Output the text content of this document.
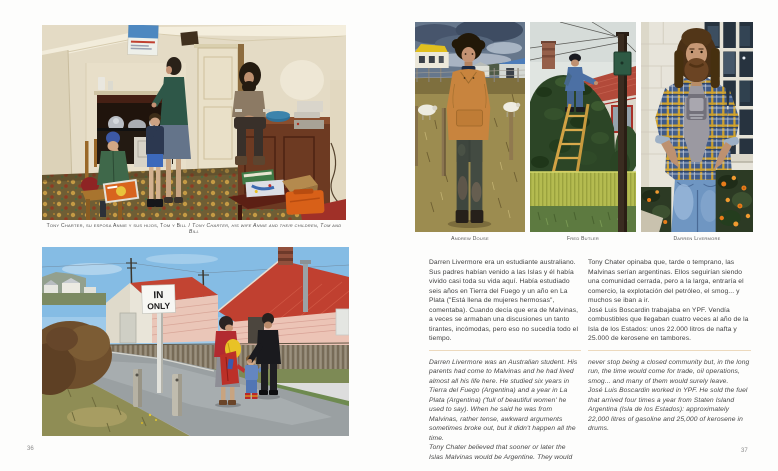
Tony Charter, su esposa Annie y sus hijos, Tom y Bill / Tony Charter, his wife Annie and their children, Tom and Bill
IN
ONLY
36
Andrew Douse	Fred Butler	Darren Livermore

Darren Livermore era un estudiante australiano. Sus padres habían venido a las Islas y él había vivido casi toda su vida aquí. Había estudiado seis años en Tierra del Fuego y un año en La Plata ("Está llena de mujeres hermosas", comentaba). Cuando decía que era de Malvinas, a veces se armaban una discusiones un tanto tirantes, incómodas, pero eso no sucedía todo el tiempo.

Darren Livermore was an Australian student. His parents had come to Malvinas and he had lived almost all his life here. He studied six years in Tierra del Fuego (Argentina) and a year in La Plata (Argentina) ('full of beautiful women' he used to say). When he said he was from Malvinas, rather tense, awkward arguments sometimes broke out, but it didn't happen all the time.

Tony Chater believed that sooner or later the Islas Malvinas would be Argentine. They would

Tony Chater opinaba que, tarde o temprano, las Malvinas serían argentinas. Ellos seguirían siendo una comunidad cerrada, pero a la larga, entraría el comercio, la explotación del petróleo, el smog... y muchos se iban a ir.

José Luis Boscardin trabajaba en YPF. Vendía combustibles que llegaban cuatro veces al año de la Isla de los Estados: unos 22.000 litros de nafta y 25.000 de kerosene en tambores.

never stop being a closed community but, in the long run, the time would come for trade, oil operations, smog... and many of them would surely leave.

José Luis Boscardin worked in YPF. He sold the fuel that arrived four times a year from Staten Island Argentina (Isla de los Estados): approximately 22,000 litres of gasoline and 25,000 of kerosene in drums.

37
